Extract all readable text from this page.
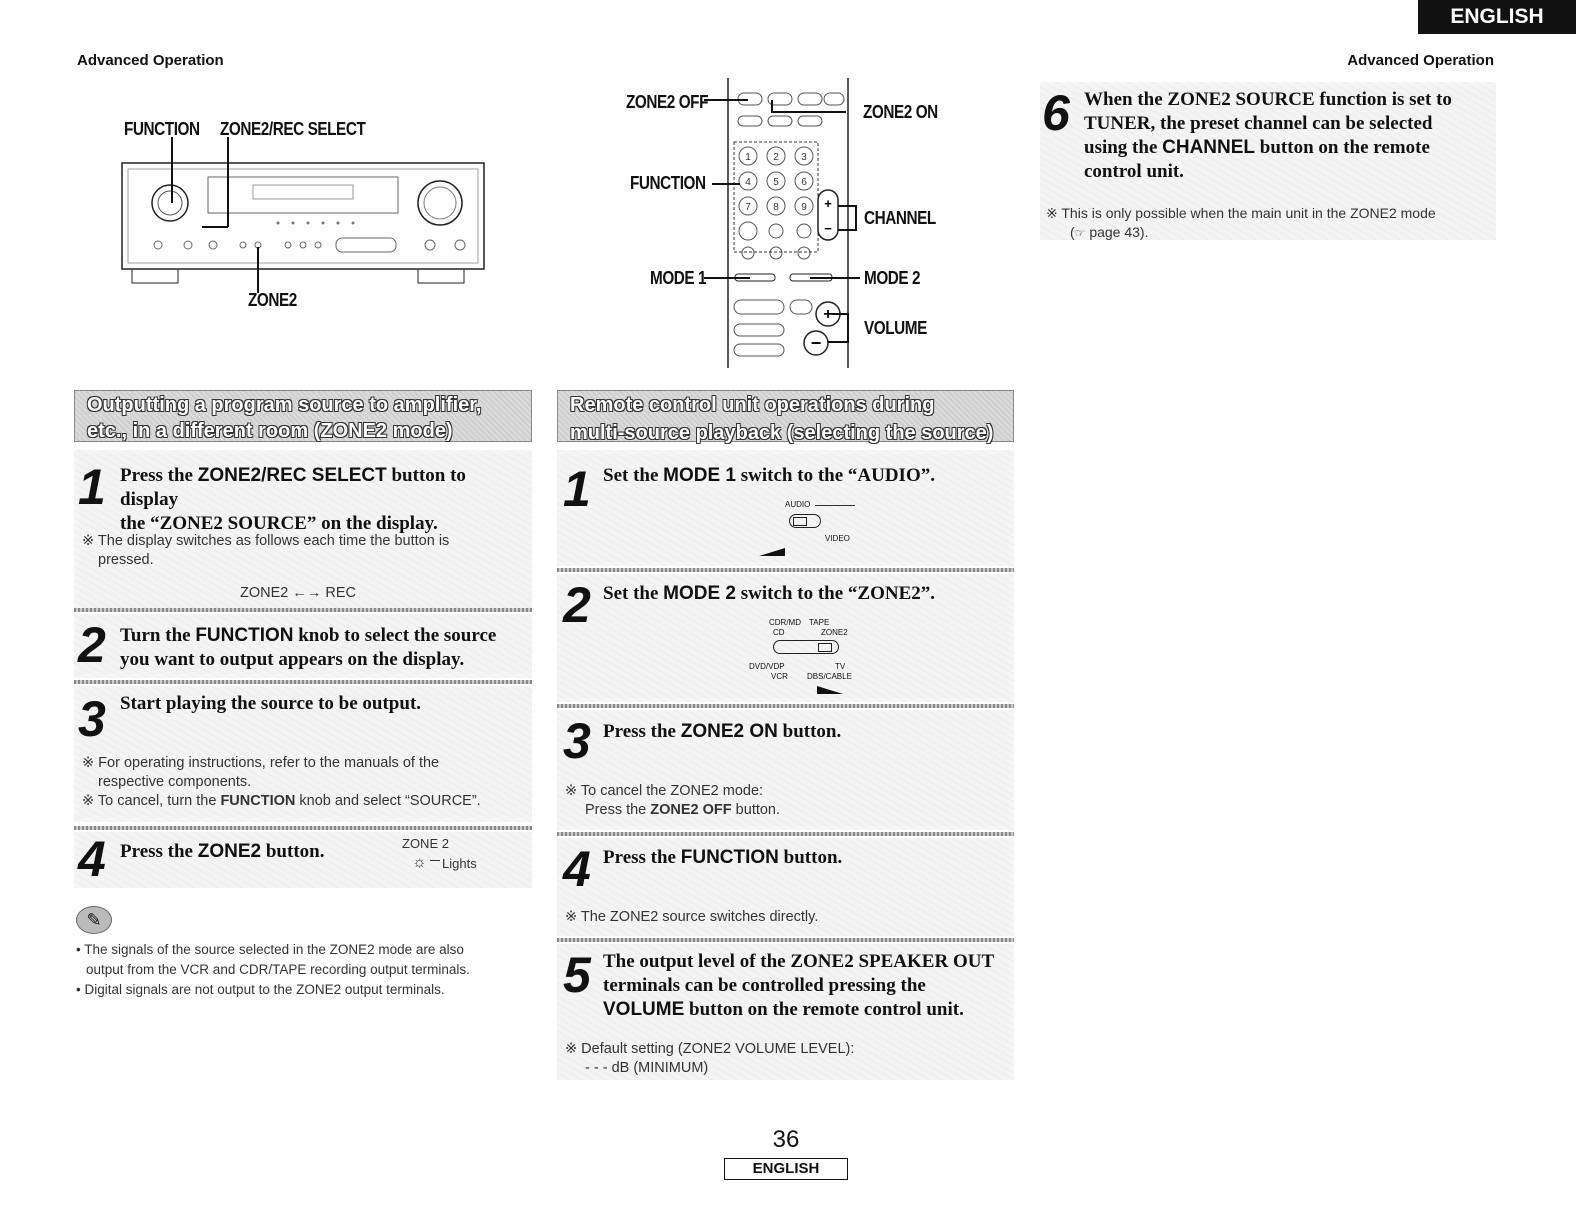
ENGLISH
Advanced Operation	Advanced Operation
FUNCTION ZONE2/REC SELECT
ZONE2
1 2 3
4 5 6
7 8 9 +
−
+
−
ZONE2 OFF	ZONE2 ON
FUNCTION
CHANNEL
MODE 1	MODE 2
VOLUME
Outputting a program source to amplifier,
etc., in a different room (ZONE2 mode)
1 Press the ZONE2/REC SELECT button to display
the “ZONE2 SOURCE” on the display.
※ The display switches as follows each time the button is
pressed.
ZONE2 ←→ REC
2 Turn the FUNCTION knob to select the source
you want to output appears on the display.
3 Start playing the source to be output.
※ For operating instructions, refer to the manuals of the
respective components.
※ To cancel, turn the FUNCTION knob and select “SOURCE”.
4 Press the ZONE2 button.	ZONE 2
☼ Lights
✎
• The signals of the source selected in the ZONE2 mode are also
output from the VCR and CDR/TAPE recording output terminals.
• Digital signals are not output to the ZONE2 output terminals.
Remote control unit operations during
multi-source playback (selecting the source)
1 Set the MODE 1 switch to the “AUDIO”.
AUDIO
VIDEO
2 Set the MODE 2 switch to the “ZONE2”.
CDR/MD TAPE
CD	ZONE2
DVD/VDP	TV
VCR DBS/CABLE
3 Press the ZONE2 ON button.
※ To cancel the ZONE2 mode:
Press the ZONE2 OFF button.
4 Press the FUNCTION button.
※ The ZONE2 source switches directly.
5 The output level of the ZONE2 SPEAKER OUT
terminals can be controlled pressing the
VOLUME button on the remote control unit.
※ Default setting (ZONE2 VOLUME LEVEL):
- - - dB (MINIMUM)
6 When the ZONE2 SOURCE function is set to
TUNER, the preset channel can be selected
using the CHANNEL button on the remote
control unit.
※ This is only possible when the main unit in the ZONE2 mode
(☞ page 43).
36
ENGLISH
